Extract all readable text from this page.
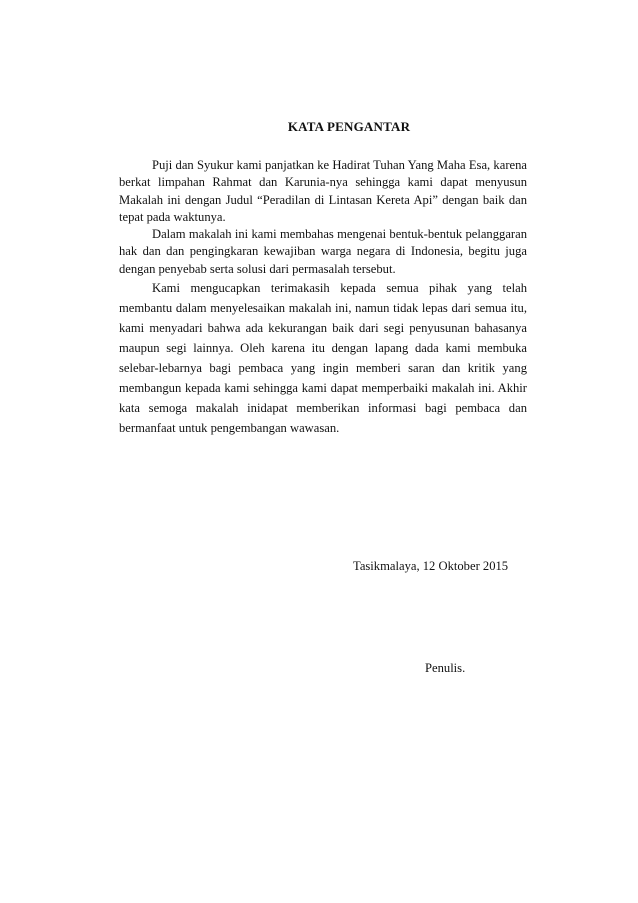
KATA PENGANTAR

Puji dan Syukur kami panjatkan ke Hadirat Tuhan Yang Maha Esa, karena berkat limpahan Rahmat dan Karunia-nya sehingga kami dapat menyusun Makalah ini dengan Judul “Peradilan di Lintasan Kereta Api” dengan baik dan tepat pada waktunya.

Dalam makalah ini kami membahas mengenai bentuk-bentuk pelanggaran hak dan dan pengingkaran kewajiban warga negara di Indonesia, begitu juga dengan penyebab serta solusi dari permasalah tersebut.

Kami mengucapkan terimakasih kepada semua pihak yang telah membantu dalam menyelesaikan makalah ini, namun tidak lepas dari semua itu, kami menyadari bahwa ada kekurangan baik dari segi penyusunan bahasanya maupun segi lainnya. Oleh karena itu dengan lapang dada kami membuka selebar-lebarnya bagi pembaca yang ingin memberi saran dan kritik yang membangun kepada kami sehingga kami dapat memperbaiki makalah ini. Akhir kata semoga makalah inidapat memberikan informasi bagi pembaca dan bermanfaat untuk pengembangan wawasan.

Tasikmalaya, 12 Oktober 2015
Penulis.
